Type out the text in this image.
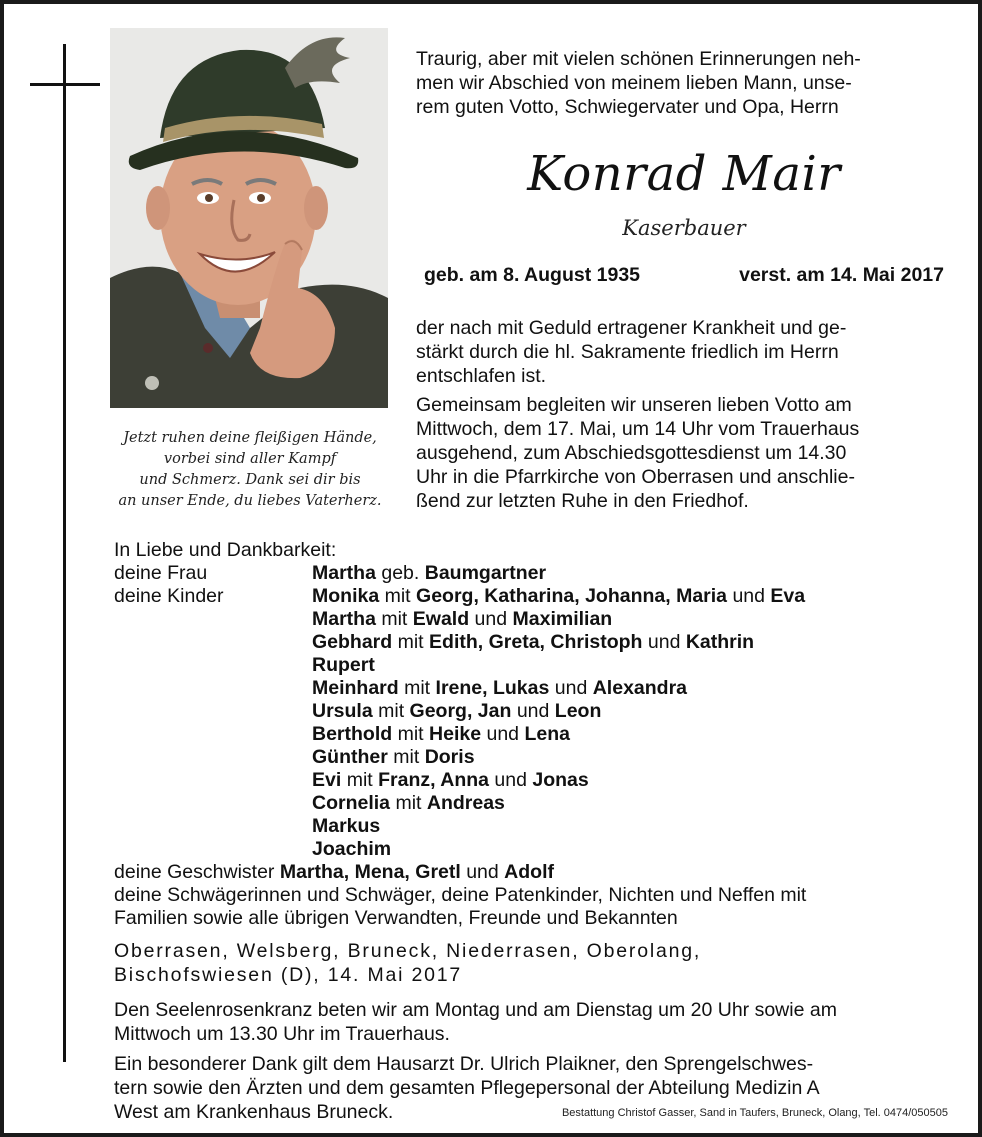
Jetzt ruhen deine fleißigen Hände,
vorbei sind aller Kampf
und Schmerz. Dank sei dir bis
an unser Ende, du liebes Vaterherz.
Traurig, aber mit vielen schönen Erinnerungen neh-
men wir Abschied von meinem lieben Mann, unse-
rem guten Votto, Schwiegervater und Opa, Herrn
Konrad Mair
Kaserbauer
geb. am 8. August 1935	verst. am 14. Mai 2017
der nach mit Geduld ertragener Krankheit und ge-
stärkt durch die hl. Sakramente friedlich im Herrn
entschlafen ist.
Gemeinsam begleiten wir unseren lieben Votto am
Mittwoch, dem 17. Mai, um 14 Uhr vom Trauerhaus
ausgehend, zum Abschiedsgottesdienst um 14.30
Uhr in die Pfarrkirche von Oberrasen und anschlie-
ßend zur letzten Ruhe in den Friedhof.
In Liebe und Dankbarkeit:
deine Frau	Martha geb. Baumgartner
deine Kinder	Monika mit Georg, Katharina, Johanna, Maria und Eva
Martha mit Ewald und Maximilian
Gebhard mit Edith, Greta, Christoph und Kathrin
Rupert
Meinhard mit Irene, Lukas und Alexandra
Ursula mit Georg, Jan und Leon
Berthold mit Heike und Lena
Günther mit Doris
Evi mit Franz, Anna und Jonas
Cornelia mit Andreas
Markus
Joachim
deine Geschwister Martha, Mena, Gretl und Adolf
deine Schwägerinnen und Schwäger, deine Patenkinder, Nichten und Neffen mit
Familien sowie alle übrigen Verwandten, Freunde und Bekannten
Oberrasen, Welsberg, Bruneck, Niederrasen, Oberolang,
Bischofswiesen (D), 14. Mai 2017
Den Seelenrosenkranz beten wir am Montag und am Dienstag um 20 Uhr sowie am
Mittwoch um 13.30 Uhr im Trauerhaus.
Ein besonderer Dank gilt dem Hausarzt Dr. Ulrich Plaikner, den Sprengelschwes-
tern sowie den Ärzten und dem gesamten Pflegepersonal der Abteilung Medizin A
West am Krankenhaus Bruneck.	Bestattung Christof Gasser, Sand in Taufers, Bruneck, Olang, Tel. 0474/050505
